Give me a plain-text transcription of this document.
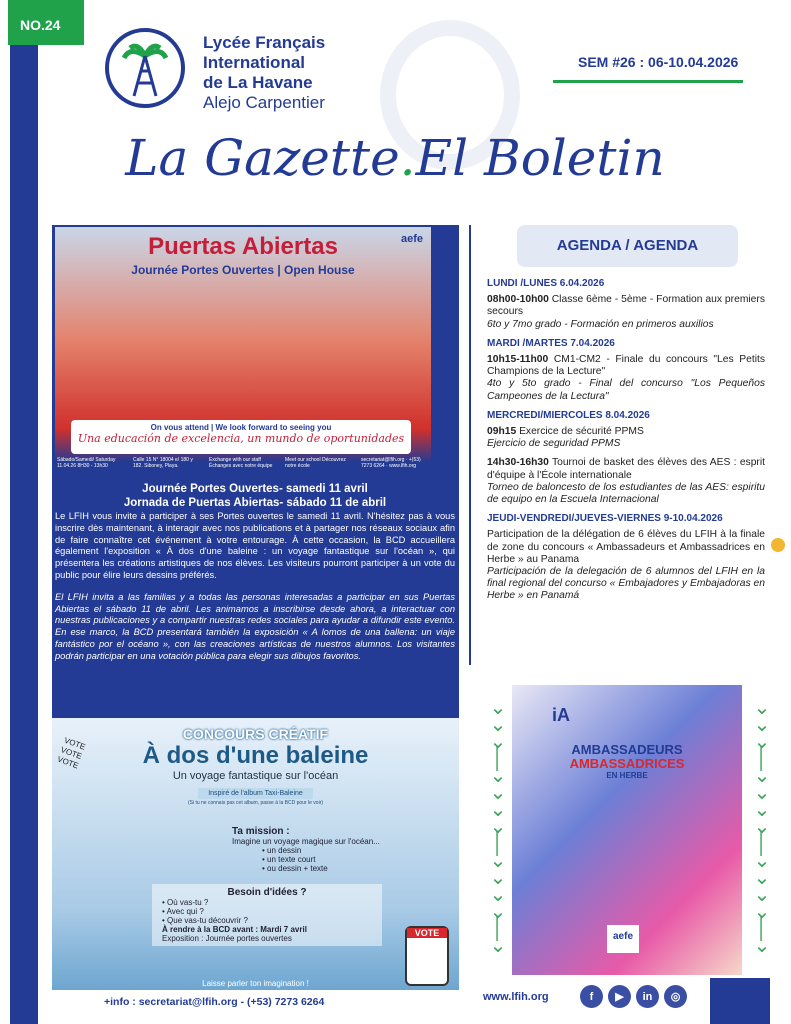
NO.24
Lycée Français
International
de La Havane
Alejo Carpentier
SEM #26 : 06-10.04.2026
La Gazette.El Boletin
Puertas Abiertas
Journée Portes Ouvertes | Open House
aefe
On vous attend | We look forward to seeing you
Una educación de excelencia, un mundo de oportunidades
Sábado/Samedi/ Saturday 11.04.26 8H30 - 13h30
Calle 15 N° 18004 e/ 180 y 182. Siboney, Playa.
Exchange with our staff Échanges avec notre équipe
Meet our school Découvrez notre école
secretariat@lfih.org · +(53) 7273 6264 · www.lfih.org
Journée Portes Ouvertes- samedi 11 avril
Jornada de Puertas Abiertas- sábado 11 de abril

Le LFIH vous invite à participer à ses Portes ouvertes le samedi 11 avril. N'hésitez pas à vous inscrire dès maintenant, à interagir avec nos publications et à partager nos réseaux sociaux afin de faire connaître cet événement à votre entourage. À cette occasion, la BCD accueillera également l'exposition « À dos d'une baleine : un voyage fantastique sur l'océan », qui présentera les créations artistiques de nos élèves. Les visiteurs pourront participer à un vote du public pour élire leurs dessins préférés.

El LFIH invita a las familias y a todas las personas interesadas a participar en sus Puertas Abiertas el sábado 11 de abril. Les animamos a inscribirse desde ahora, a interactuar con nuestras publicaciones y a compartir nuestras redes sociales para ayudar a difundir este evento. En ese marco, la BCD presentará también la exposición « A lomos de una ballena: un viaje fantástico por el océano », con las creaciones artísticas de nuestros alumnos. Los visitantes podrán participar en una votación pública para elegir sus dibujos favoritos.

VOTE VOTE VOTE
CONCOURS CRÉATIF
À dos d'une baleine
Un voyage fantastique sur l'océan
Inspiré de l'album Taxi-Baleine
(Si tu ne connais pas cet album, passe à la BCD pour le voir)
Ta mission :
Imagine un voyage magique sur l'océan...
• un dessin
• un texte court
• ou dessin + texte
Besoin d'idées ?
• Où vas-tu ?
• Avec qui ?
• Que vas-tu découvrir ?
À rendre à la BCD avant : Mardi 7 avril
Exposition : Journée portes ouvertes
Laisse parler ton imagination !
VOTE
+info : secretariat@lfih.org - (+53) 7273 6264
AGENDA / AGENDA
LUNDI /LUNES 6.04.2026
08h00-10h00 Classe 6ème - 5ème - Formation aux premiers secours
6to y 7mo grado - Formación en primeros auxilios
MARDI /MARTES 7.04.2026
10h15-11h00 CM1-CM2 - Finale du concours "Les Petits Champions de la Lecture"
4to y 5to grado - Final del concurso "Los Pequeños Campeones de la Lectura"
MERCREDI/MIERCOLES 8.04.2026
09h15 Exercice de sécurité PPMS
Ejercicio de seguridad PPMS
14h30-16h30 Tournoi de basket des élèves des AES : esprit d'équipe à l'École internationale
Torneo de baloncesto de los estudiantes de las AES: espiritu de equipo en la Escuela Internacional
JEUDI-VENDREDI/JUEVES-VIERNES 9-10.04.2026
Participation de la délégation de 6 élèves du LFIH à la finale de zone du concours « Ambassadeurs et Ambassadrices en Herbe » au Panama
Participación de la delegación de 6 alumnos del LFIH en la final regional del concurso « Embajadores y Embajadoras en Herbe » en Panamá
⌄
⌄
⌄
│
⌄
⌄
⌄
⌄
│
⌄
⌄
⌄
⌄
│
⌄
⌄
⌄
⌄
│
⌄
⌄
⌄
⌄
│
⌄
⌄
⌄
⌄
│
⌄
iA
AMBASSADEURS
AMBASSADRICES
EN HERBE
aefe
www.lfih.org	f	▶	in	◎
